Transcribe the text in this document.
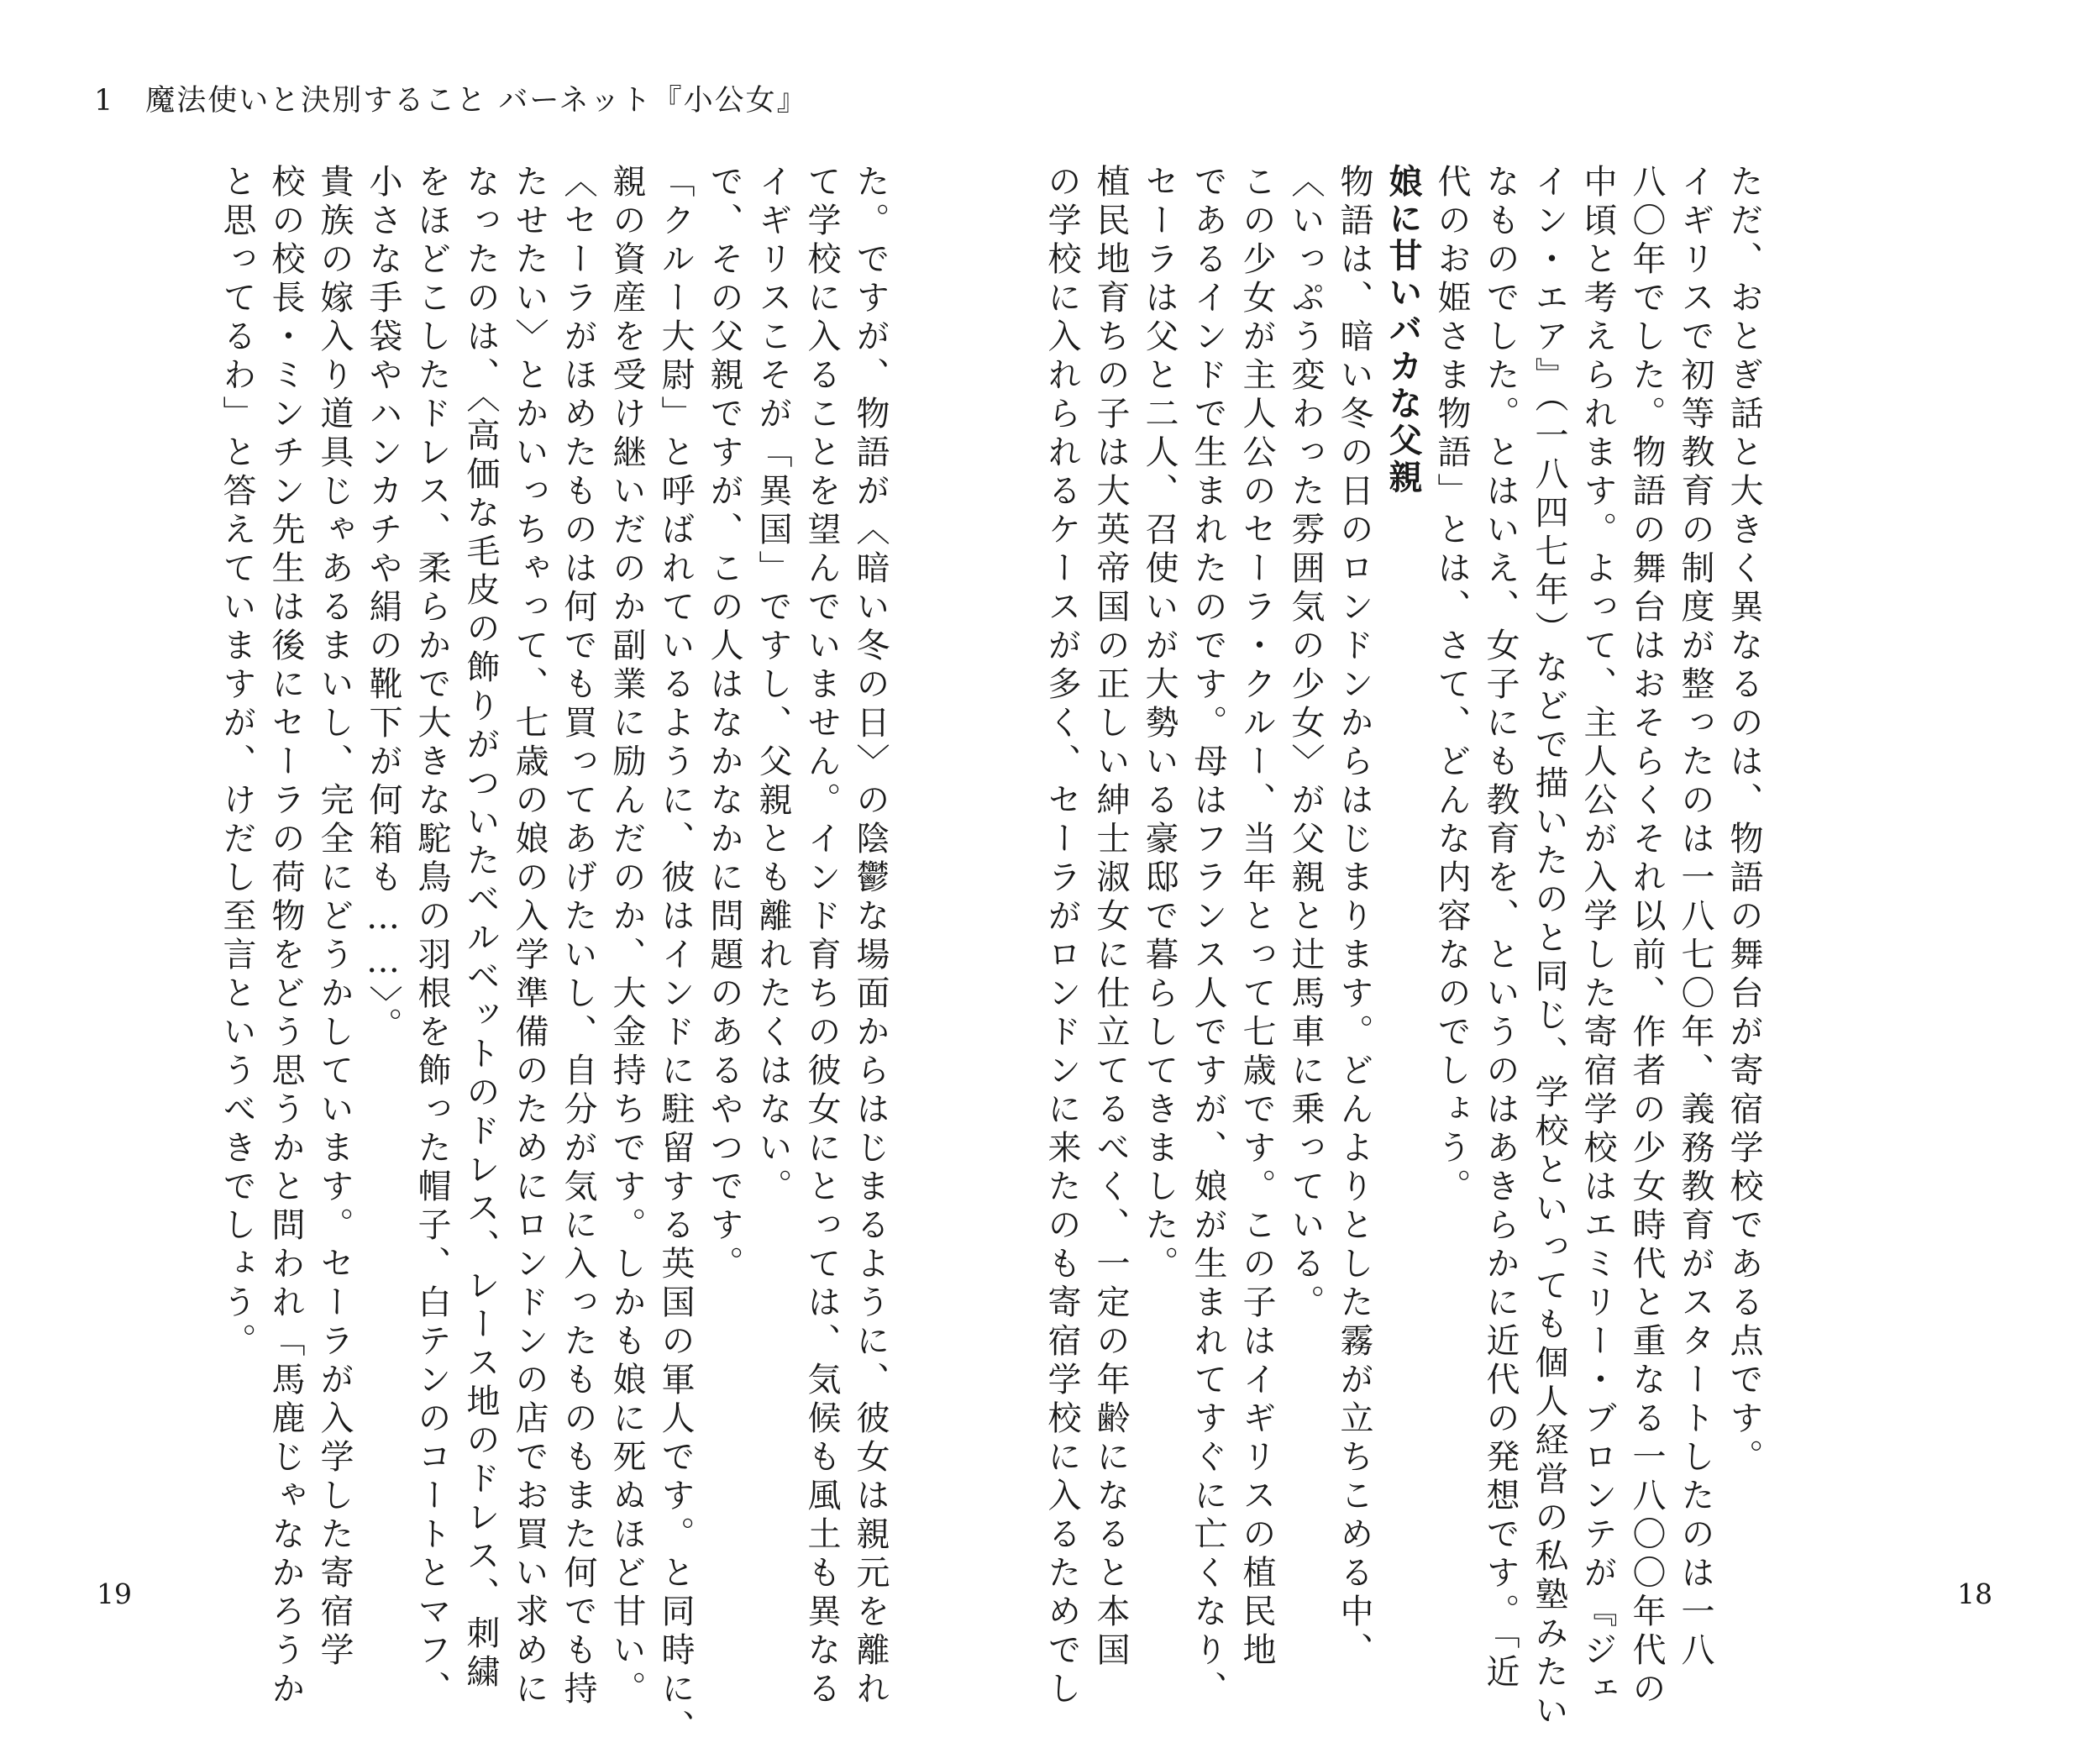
1　魔法使いと決別すること バーネット『小公女』
ただ、おとぎ話と大きく異なるのは、物語の舞台が寄宿学校である点です。
イギリスで初等教育の制度が整ったのは一八七〇年、義務教育がスタートしたのは一八
八〇年でした。物語の舞台はおそらくそれ以前、作者の少女時代と重なる一八〇〇年代の
中頃と考えられます。よって、主人公が入学した寄宿学校はエミリー・ブロンテが『ジェ
イン・エア』（一八四七年）などで描いたのと同じ、学校といっても個人経営の私塾みたい
なものでした。とはいえ、女子にも教育を、というのはあきらかに近代の発想です。「近
代のお姫さま物語」とは、さて、どんな内容なのでしょう。
娘に甘いバカな父親
物語は、暗い冬の日のロンドンからはじまります。どんよりとした霧が立ちこめる中、
〈いっぷう変わった雰囲気の少女〉が父親と辻馬車に乗っている。
この少女が主人公のセーラ・クルー、当年とって七歳です。この子はイギリスの植民地
であるインドで生まれたのです。母はフランス人ですが、娘が生まれてすぐに亡くなり、
セーラは父と二人、召使いが大勢いる豪邸で暮らしてきました。
植民地育ちの子は大英帝国の正しい紳士淑女に仕立てるべく、一定の年齢になると本国
の学校に入れられるケースが多く、セーラがロンドンに来たのも寄宿学校に入るためでし
た。ですが、物語が〈暗い冬の日〉の陰鬱な場面からはじまるように、彼女は親元を離れ
て学校に入ることを望んでいません。インド育ちの彼女にとっては、気候も風土も異なる
イギリスこそが「異国」ですし、父親とも離れたくはない。
で、その父親ですが、この人はなかなかに問題のあるやつです。
「クルー大尉」と呼ばれているように、彼はインドに駐留する英国の軍人です。と同時に、
親の資産を受け継いだのか副業に励んだのか、大金持ちです。しかも娘に死ぬほど甘い。
〈セーラがほめたものは何でも買ってあげたいし、自分が気に入ったものもまた何でも持
たせたい〉とかいっちゃって、七歳の娘の入学準備のためにロンドンの店でお買い求めに
なったのは、〈高価な毛皮の飾りがついたベルベットのドレス、レース地のドレス、刺繍
をほどこしたドレス、柔らかで大きな駝鳥の羽根を飾った帽子、白テンのコートとマフ、
小さな手袋やハンカチや絹の靴下が何箱も……〉。
貴族の嫁入り道具じゃあるまいし、完全にどうかしています。セーラが入学した寄宿学
校の校長・ミンチン先生は後にセーラの荷物をどう思うかと問われ「馬鹿じゃなかろうか
と思ってるわ」と答えていますが、けだし至言というべきでしょう。
19	18
